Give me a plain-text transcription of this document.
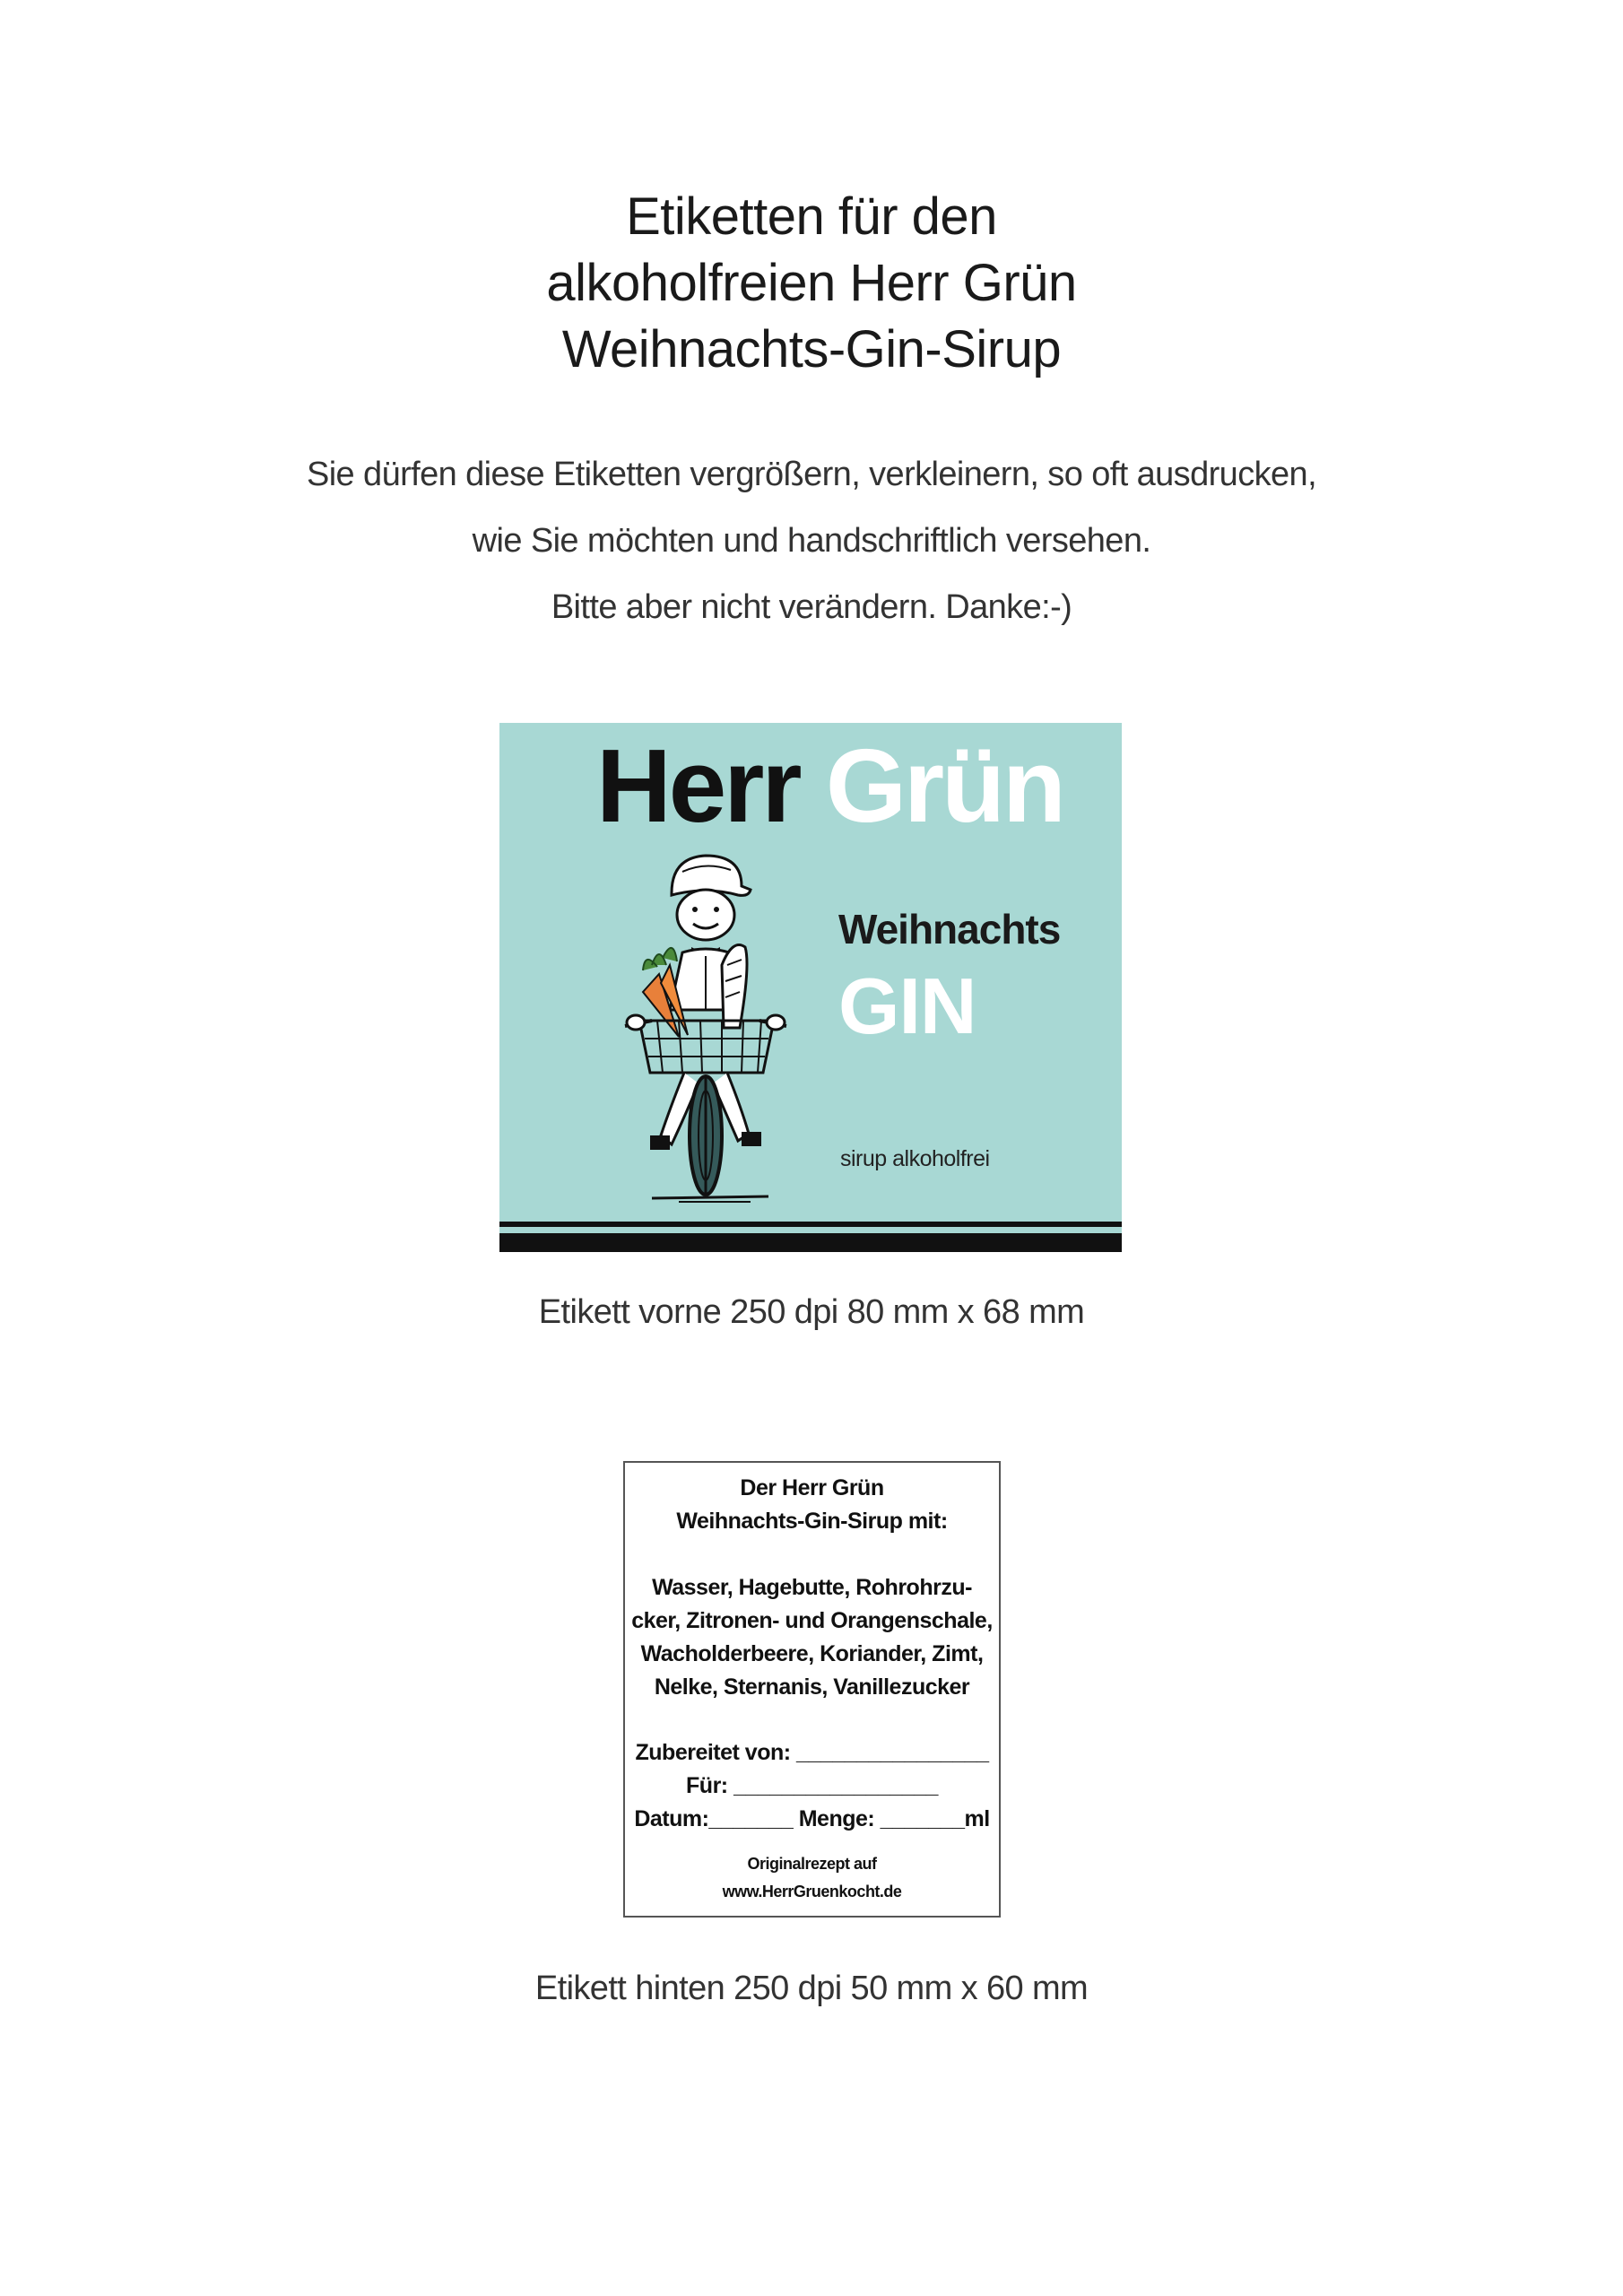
Etiketten für den
alkoholfreien Herr Grün
Weihnachts-Gin-Sirup
Sie dürfen diese Etiketten vergrößern, verkleinern, so oft ausdrucken,
wie Sie möchten und handschriftlich versehen.
Bitte aber nicht verändern. Danke:-)
Herr Grün
Weihnachts
GIN
sirup alkoholfrei
Etikett vorne 250 dpi 80 mm x 68 mm
Der Herr Grün
Weihnachts-Gin-Sirup mit:
Wasser, Hagebutte, Rohrohrzu-
cker, Zitronen- und Orangenschale,
Wacholderbeere, Koriander, Zimt,
Nelke, Sternanis, Vanillezucker
Zubereitet von: ________________
Für: _________________
Datum:_______ Menge: _______ml
Originalrezept auf
www.HerrGruenkocht.de
Etikett hinten 250 dpi 50 mm x 60 mm
